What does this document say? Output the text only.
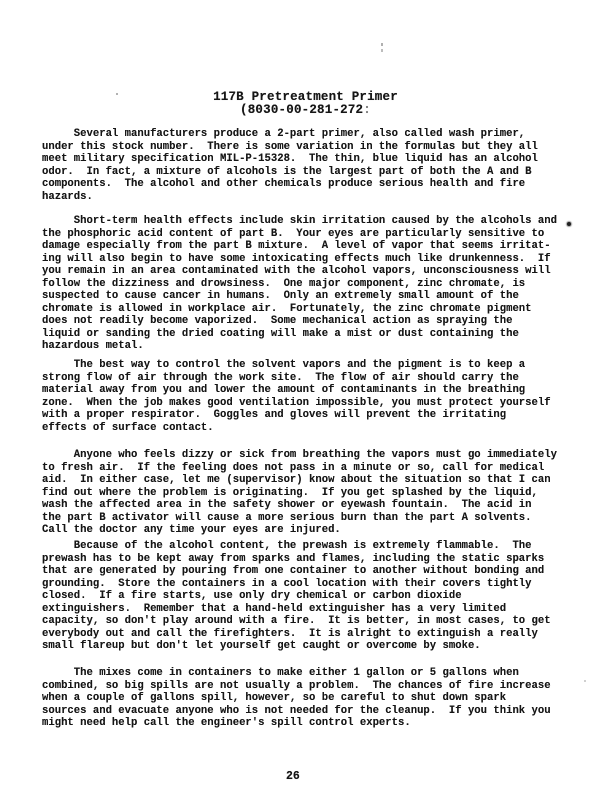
117B Pretreatment Primer
(8030-00-281-272:
Several manufacturers produce a 2-part primer, also called wash primer,
under this stock number.  There is some variation in the formulas but they all
meet military specification MIL-P-15328.  The thin, blue liquid has an alcohol
odor.  In fact, a mixture of alcohols is the largest part of both the A and B
components.  The alcohol and other chemicals produce serious health and fire
hazards.
Short-term health effects include skin irritation caused by the alcohols and
the phosphoric acid content of part B.  Your eyes are particularly sensitive to
damage especially from the part B mixture.  A level of vapor that seems irritat-
ing will also begin to have some intoxicating effects much like drunkenness.  If
you remain in an area contaminated with the alcohol vapors, unconsciousness will
follow the dizziness and drowsiness.  One major component, zinc chromate, is
suspected to cause cancer in humans.  Only an extremely small amount of the
chromate is allowed in workplace air.  Fortunately, the zinc chromate pigment
does not readily become vaporized.  Some mechanical action as spraying the
liquid or sanding the dried coating will make a mist or dust containing the
hazardous metal.
The best way to control the solvent vapors and the pigment is to keep a
strong flow of air through the work site.  The flow of air should carry the
material away from you and lower the amount of contaminants in the breathing
zone.  When the job makes good ventilation impossible, you must protect yourself
with a proper respirator.  Goggles and gloves will prevent the irritating
effects of surface contact.
Anyone who feels dizzy or sick from breathing the vapors must go immediately
to fresh air.  If the feeling does not pass in a minute or so, call for medical
aid.  In either case, let me (supervisor) know about the situation so that I can
find out where the problem is originating.  If you get splashed by the liquid,
wash the affected area in the safety shower or eyewash fountain.  The acid in
the part B activator will cause a more serious burn than the part A solvents.
Call the doctor any time your eyes are injured.
Because of the alcohol content, the prewash is extremely flammable.  The
prewash has to be kept away from sparks and flames, including the static sparks
that are generated by pouring from one container to another without bonding and
grounding.  Store the containers in a cool location with their covers tightly
closed.  If a fire starts, use only dry chemical or carbon dioxide
extinguishers.  Remember that a hand-held extinguisher has a very limited
capacity, so don't play around with a fire.  It is better, in most cases, to get
everybody out and call the firefighters.  It is alright to extinguish a really
small flareup but don't let yourself get caught or overcome by smoke.
The mixes come in containers to make either 1 gallon or 5 gallons when
combined, so big spills are not usually a problem.  The chances of fire increase
when a couple of gallons spill, however, so be careful to shut down spark
sources and evacuate anyone who is not needed for the cleanup.  If you think you
might need help call the engineer's spill control experts.
26
